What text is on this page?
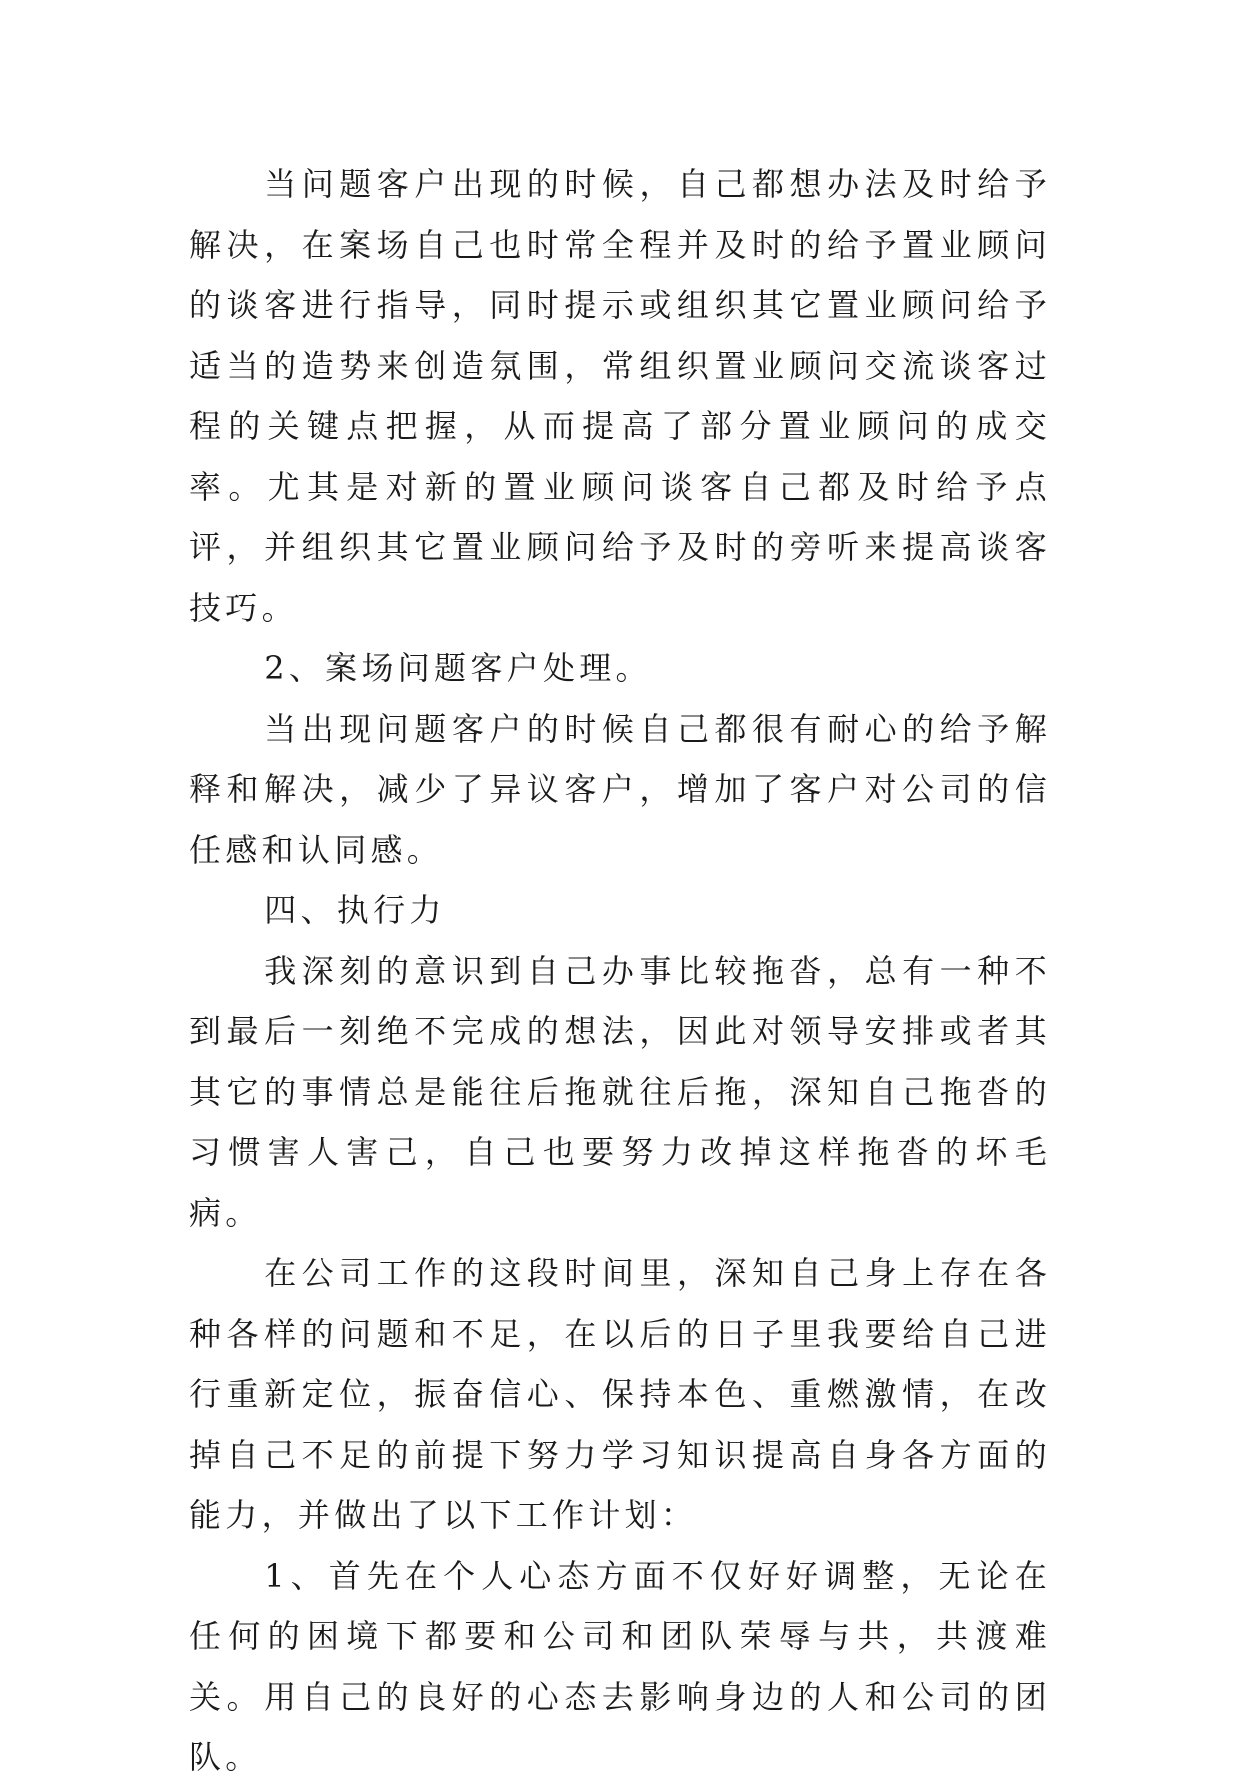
当问题客户出现的时候，自己都想办法及时给予解决，在案场自己也时常全程并及时的给予置业顾问的谈客进行指导，同时提示或组织其它置业顾问给予适当的造势来创造氛围，常组织置业顾问交流谈客过程的关键点把握，从而提高了部分置业顾问的成交率。尤其是对新的置业顾问谈客自己都及时给予点评，并组织其它置业顾问给予及时的旁听来提高谈客技巧。

2、案场问题客户处理。

当出现问题客户的时候自己都很有耐心的给予解释和解决，减少了异议客户，增加了客户对公司的信任感和认同感。

四、执行力

我深刻的意识到自己办事比较拖沓，总有一种不到最后一刻绝不完成的想法，因此对领导安排或者其其它的事情总是能往后拖就往后拖，深知自己拖沓的习惯害人害己，自己也要努力改掉这样拖沓的坏毛病。

在公司工作的这段时间里，深知自己身上存在各种各样的问题和不足，在以后的日子里我要给自己进行重新定位，振奋信心、保持本色、重燃激情，在改掉自己不足的前提下努力学习知识提高自身各方面的能力，并做出了以下工作计划：

1、首先在个人心态方面不仅好好调整，无论在任何的困境下都要和公司和团队荣辱与共，共渡难关。用自己的良好的心态去影响身边的人和公司的团队。
